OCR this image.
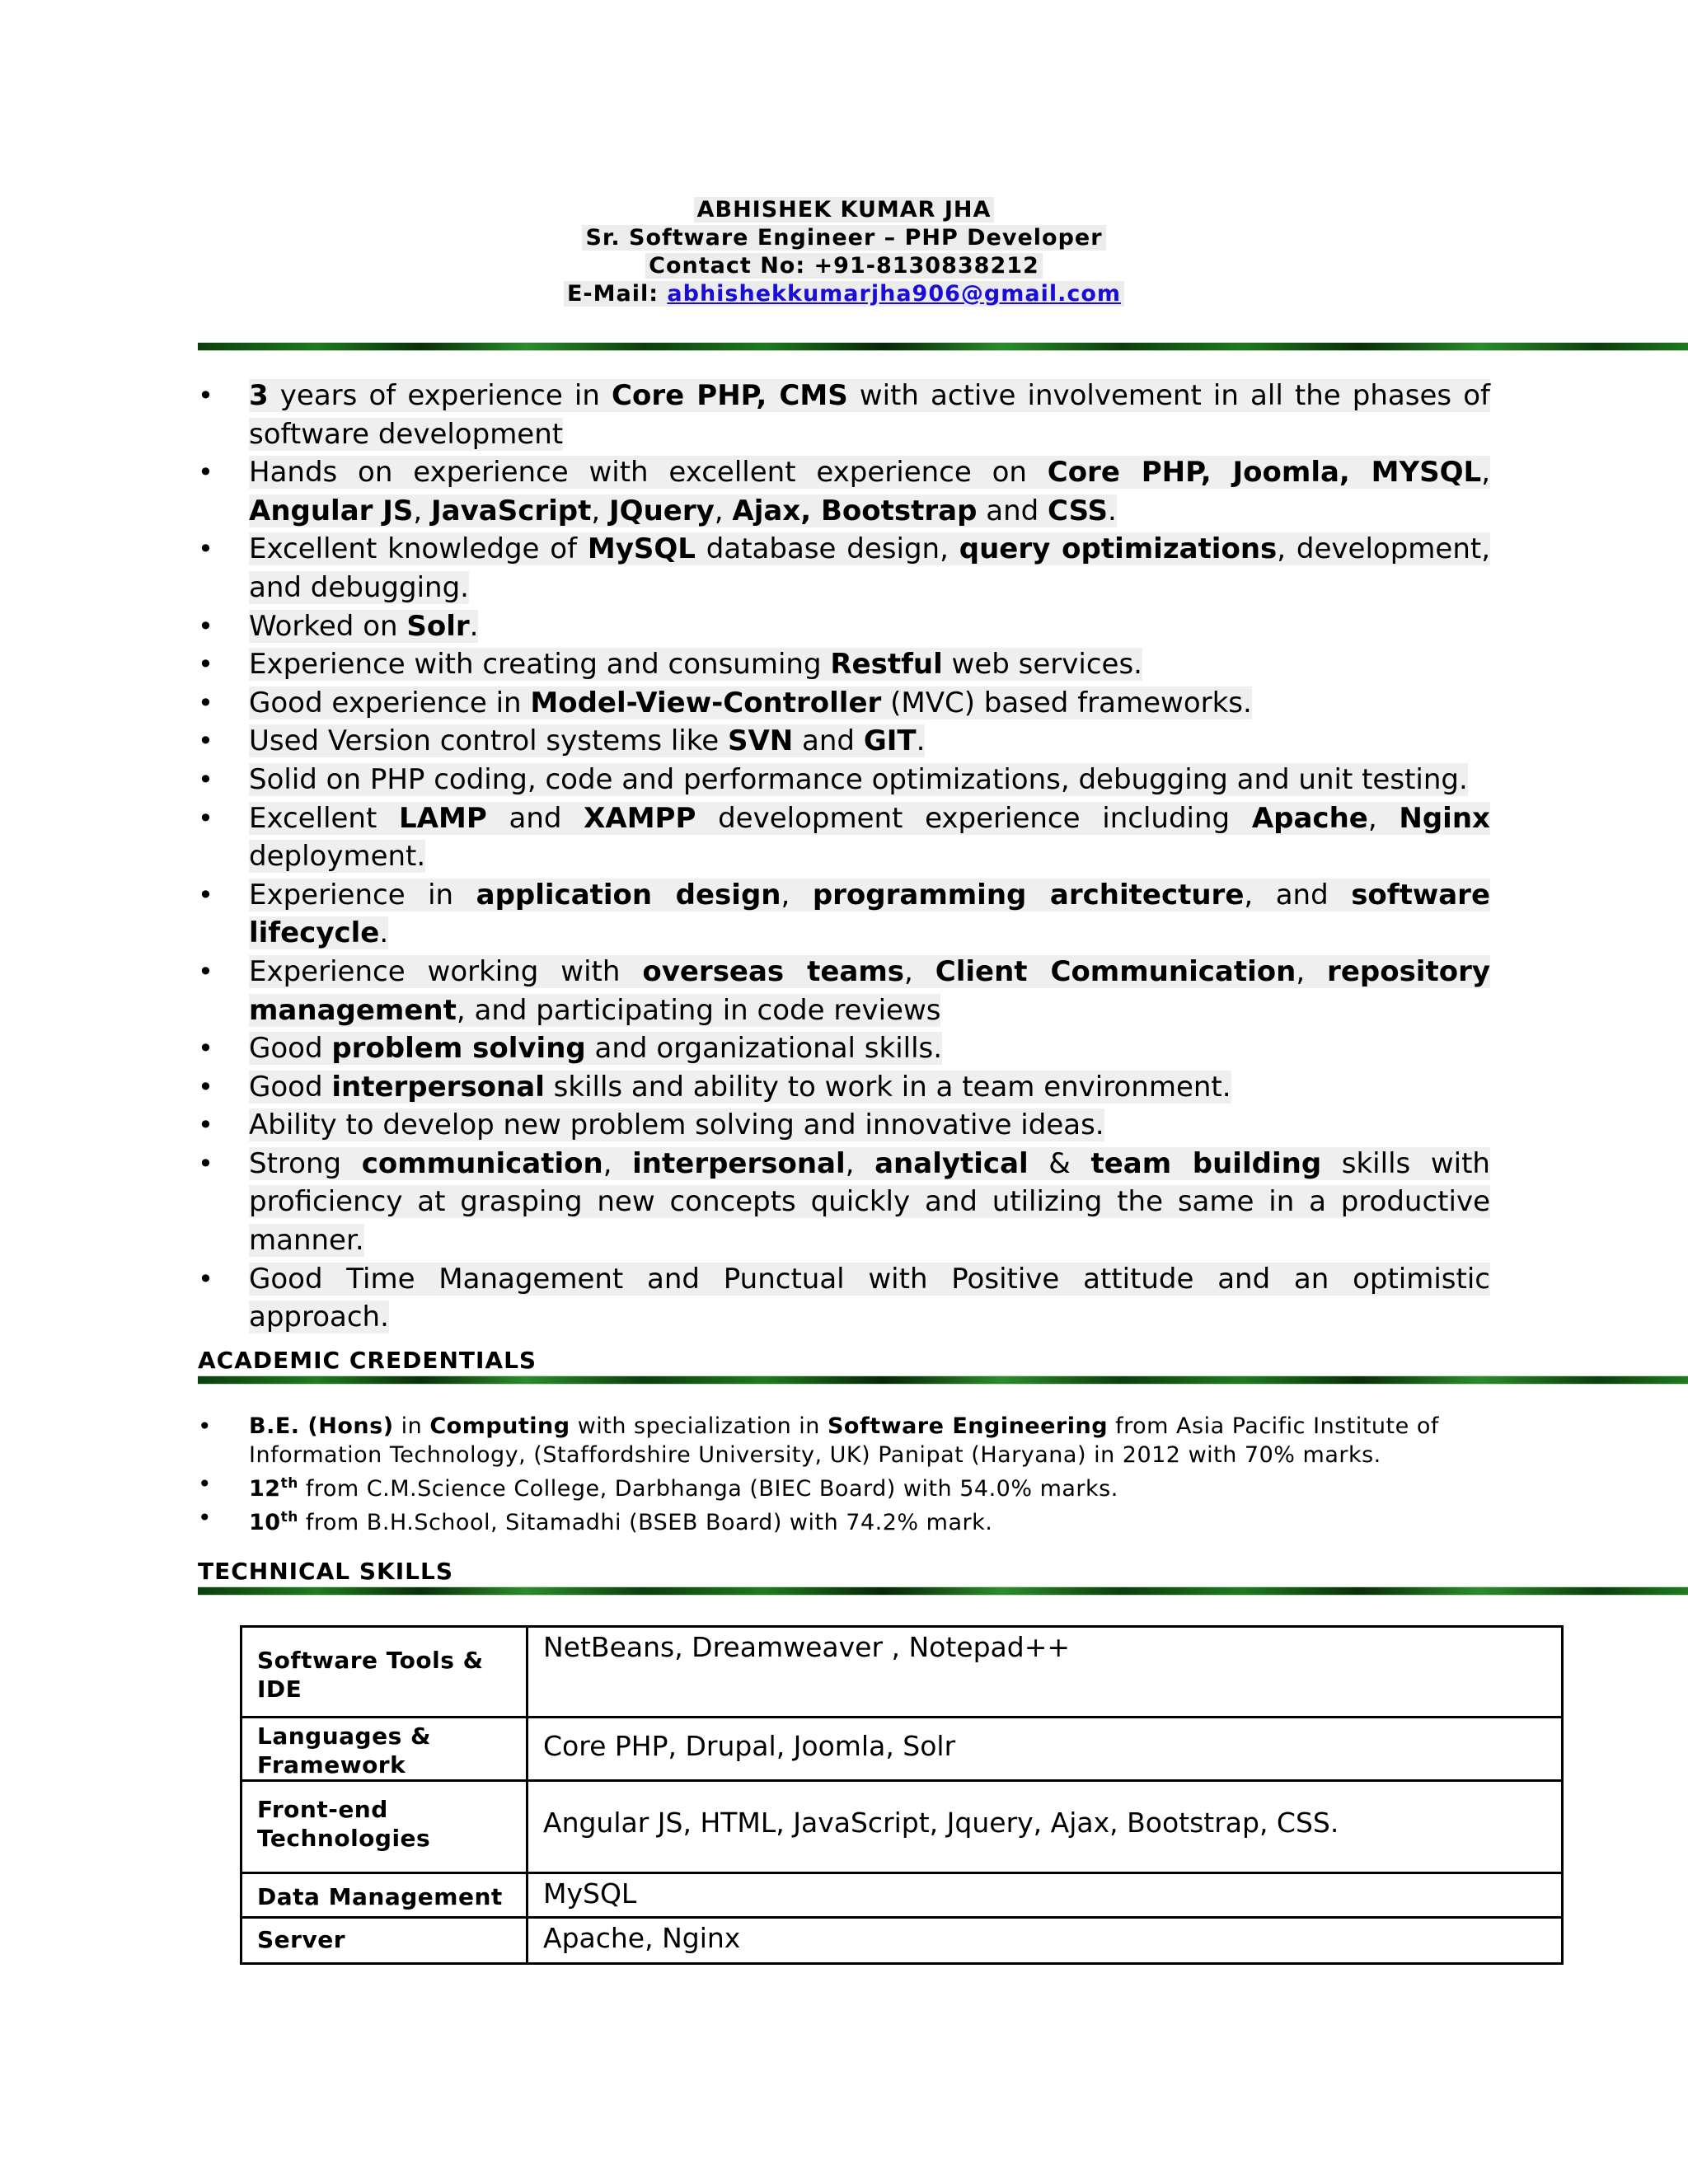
ABHISHEK KUMAR JHA
Sr. Software Engineer – PHP Developer
Contact No: +91-8130838212
E-Mail: abhishekkumarjha906@gmail.com
• 3 years of experience in Core PHP, CMS with active involvement in all the phases of software development
• Hands on experience with excellent experience on Core PHP, Joomla, MYSQL, Angular JS, JavaScript, JQuery, Ajax, Bootstrap and CSS.
• Excellent knowledge of MySQL database design, query optimizations, development, and debugging.
• Worked on Solr.
• Experience with creating and consuming Restful web services.
• Good experience in Model-View-Controller (MVC) based frameworks.
• Used Version control systems like SVN and GIT.
• Solid on PHP coding, code and performance optimizations, debugging and unit testing.
• Excellent LAMP and XAMPP development experience including Apache, Nginx deployment.
• Experience in application design, programming architecture, and software lifecycle.
• Experience working with overseas teams, Client Communication, repository management, and participating in code reviews
• Good problem solving and organizational skills.
• Good interpersonal skills and ability to work in a team environment.
• Ability to develop new problem solving and innovative ideas.
• Strong communication, interpersonal, analytical & team building skills with proficiency at grasping new concepts quickly and utilizing the same in a productive manner.
• Good Time Management and Punctual with Positive attitude and an optimistic approach.
ACADEMIC CREDENTIALS
• B.E. (Hons) in Computing with specialization in Software Engineering from Asia Pacific Institute of Information Technology, (Staffordshire University, UK) Panipat (Haryana) in 2012 with 70% marks.
• 12th from C.M.Science College, Darbhanga (BIEC Board) with 54.0% marks.
• 10th from B.H.School, Sitamadhi (BSEB Board) with 74.2% mark.
TECHNICAL SKILLS
Software Tools & IDE	NetBeans, Dreamweaver , Notepad++
Languages & Framework	Core PHP, Drupal, Joomla, Solr
Front-end Technologies	Angular JS, HTML, JavaScript, Jquery, Ajax, Bootstrap, CSS.
Data Management	MySQL
Server	Apache, Nginx
